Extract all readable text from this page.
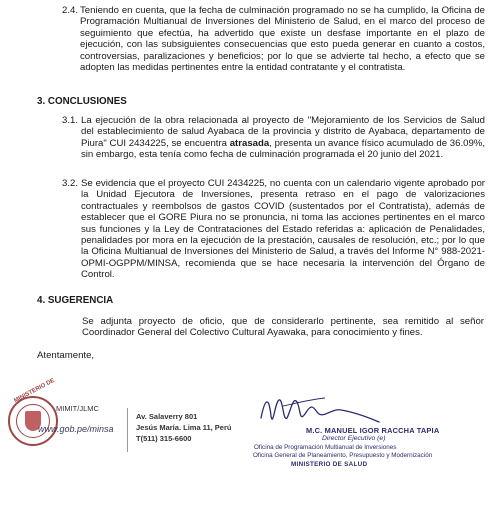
2.4. Teniendo en cuenta, que la fecha de culminación programado no se ha cumplido, la Oficina de Programación Multianual de Inversiones del Ministerio de Salud, en el marco del proceso de seguimiento que efectúa, ha advertido que existe un desfase importante en el plazo de ejecución, con las subsiguientes consecuencias que esto pueda generar en cuanto a costos, controversias, paralizaciones y beneficios; por lo que se advierte tal hecho, a efecto que se adopten las medidas pertinentes entre la entidad contratante y el contratista.
3. CONCLUSIONES
3.1. La ejecución de la obra relacionada al proyecto de "Mejoramiento de los Servicios de Salud del establecimiento de salud Ayabaca de la provincia y distrito de Ayabaca, departamento de Piura" CUI 2434225, se encuentra atrasada, presenta un avance físico acumulado de 36.09%, sin embargo, esta tenía como fecha de culminación programada el 20 junio del 2021.
3.2. Se evidencia que el proyecto CUI 2434225, no cuenta con un calendario vigente aprobado por la Unidad Ejecutora de Inversiones, presenta retraso en el pago de valorizaciones contractuales y reembolsos de gastos COVID (sustentados por el Contratista), además de establecer que el GORE Piura no se pronuncia, ni toma las acciones pertinentes en el marco sus funciones y la Ley de Contrataciones del Estado referidas a: aplicación de Penalidades, penalidades por mora en la ejecución de la prestación, causales de resolución, etc.; por lo que la Oficina Multianual de Inversiones del Ministerio de Salud, a través del Informe N° 988-2021-OPMI-OGPPM/MINSA, recomienda que se hace necesaria la intervención del Órgano de Control.
4. SUGERENCIA
Se adjunta proyecto de oficio, que de considerarlo pertinente, sea remitido al señor Coordinador General del Colectivo Cultural Ayawaka, para conocimiento y fines.
Atentamente,
MINISTERIO DE
MIMIT/JLMC
www.gob.pe/minsa
Av. Salaverry 801
Jesús María. Lima 11, Perú
T(511) 315-6600
M.C. MANUEL IGOR RACCHA TAPIA
Director Ejecutivo (e)
Oficina de Programación Multianual de Inversiones
Oficina General de Planeamiento, Presupuesto y Modernización
MINISTERIO DE SALUD
